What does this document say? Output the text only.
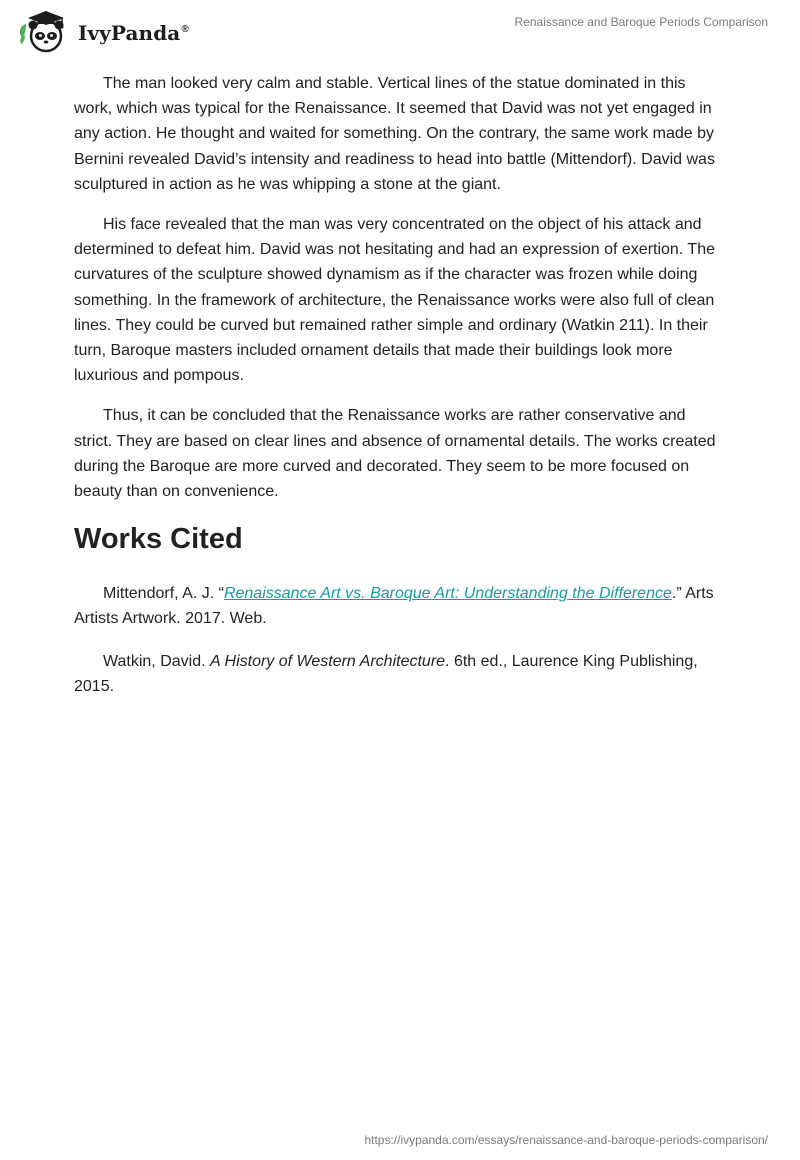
IvyPanda®
Renaissance and Baroque Periods Comparison

The man looked very calm and stable. Vertical lines of the statue dominated in this work, which was typical for the Renaissance. It seemed that David was not yet engaged in any action. He thought and waited for something. On the contrary, the same work made by Bernini revealed David’s intensity and readiness to head into battle (Mittendorf). David was sculptured in action as he was whipping a stone at the giant.

His face revealed that the man was very concentrated on the object of his attack and determined to defeat him. David was not hesitating and had an expression of exertion. The curvatures of the sculpture showed dynamism as if the character was frozen while doing something. In the framework of architecture, the Renaissance works were also full of clean lines. They could be curved but remained rather simple and ordinary (Watkin 211). In their turn, Baroque masters included ornament details that made their buildings look more luxurious and pompous.

Thus, it can be concluded that the Renaissance works are rather conservative and strict. They are based on clear lines and absence of ornamental details. The works created during the Baroque are more curved and decorated. They seem to be more focused on beauty than on convenience.

Works Cited

Mittendorf, A. J. “Renaissance Art vs. Baroque Art: Understanding the Difference.” Arts Artists Artwork. 2017. Web.

Watkin, David. A History of Western Architecture. 6th ed., Laurence King Publishing, 2015.

https://ivypanda.com/essays/renaissance-and-baroque-periods-comparison/
